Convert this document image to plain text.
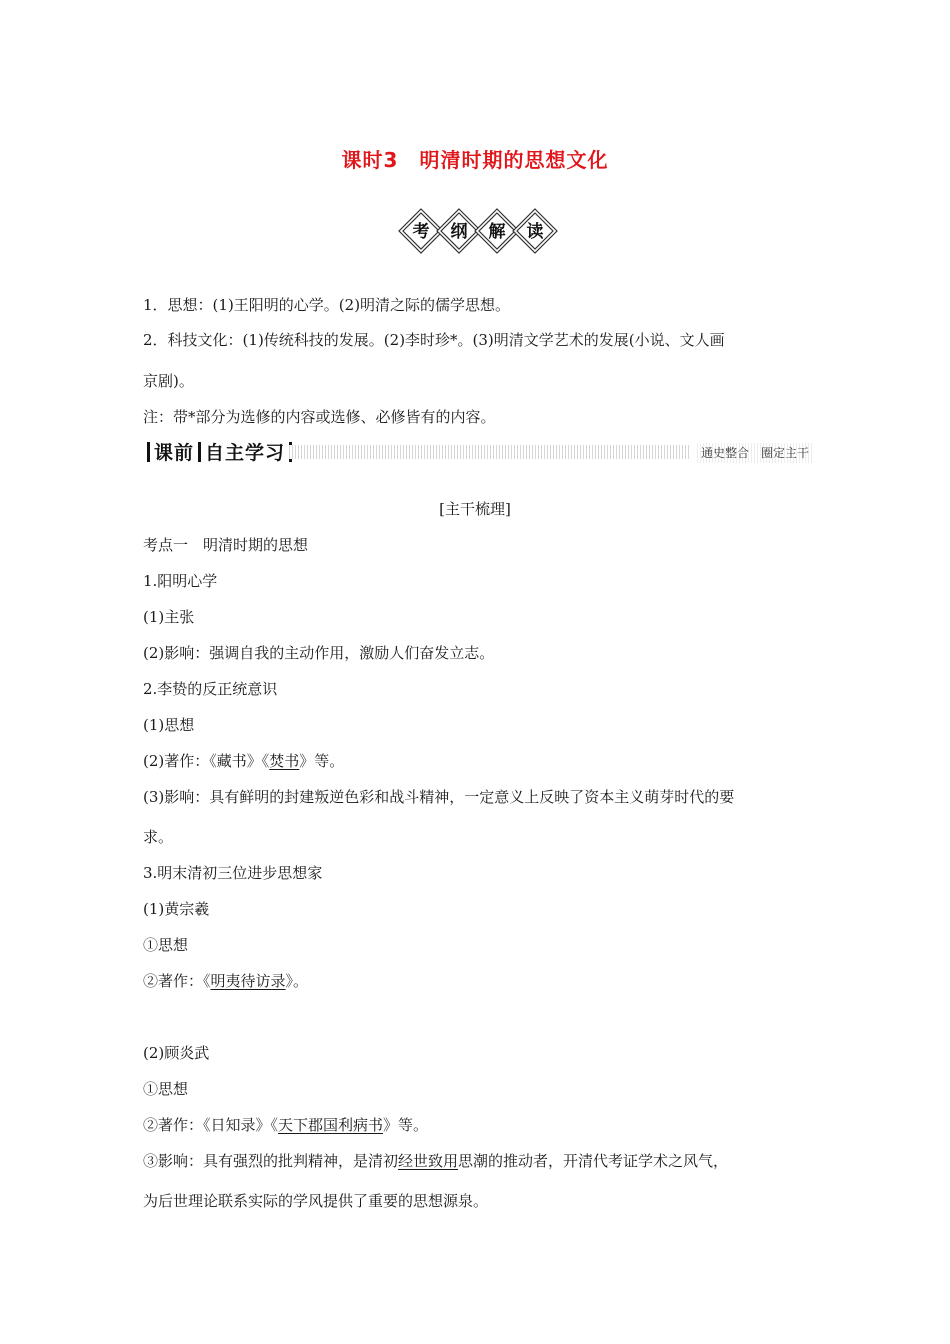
课时3　明清时期的思想文化
考 纲 解 读
1．思想：(1)王阳明的心学。(2)明清之际的儒学思想。
2．科技文化：(1)传统科技的发展。(2)李时珍*。(3)明清文学艺术的发展(小说、文人画
京剧)。
注：带*部分为选修的内容或选修、必修皆有的内容。
课前 自主学习	通史整合　圈定主干
[主干梳理]
考点一　明清时期的思想
1.阳明心学
(1)主张
(2)影响：强调自我的主动作用，激励人们奋发立志。
2.李贽的反正统意识
(1)思想
(2)著作：《藏书》《焚书》等。
(3)影响：具有鲜明的封建叛逆色彩和战斗精神，一定意义上反映了资本主义萌芽时代的要
求。
3.明末清初三位进步思想家
(1)黄宗羲
①思想
②著作：《明夷待访录》。
(2)顾炎武
①思想
②著作：《日知录》《天下郡国利病书》等。
③影响：具有强烈的批判精神，是清初经世致用思潮的推动者，开清代考证学术之风气，
为后世理论联系实际的学风提供了重要的思想源泉。
